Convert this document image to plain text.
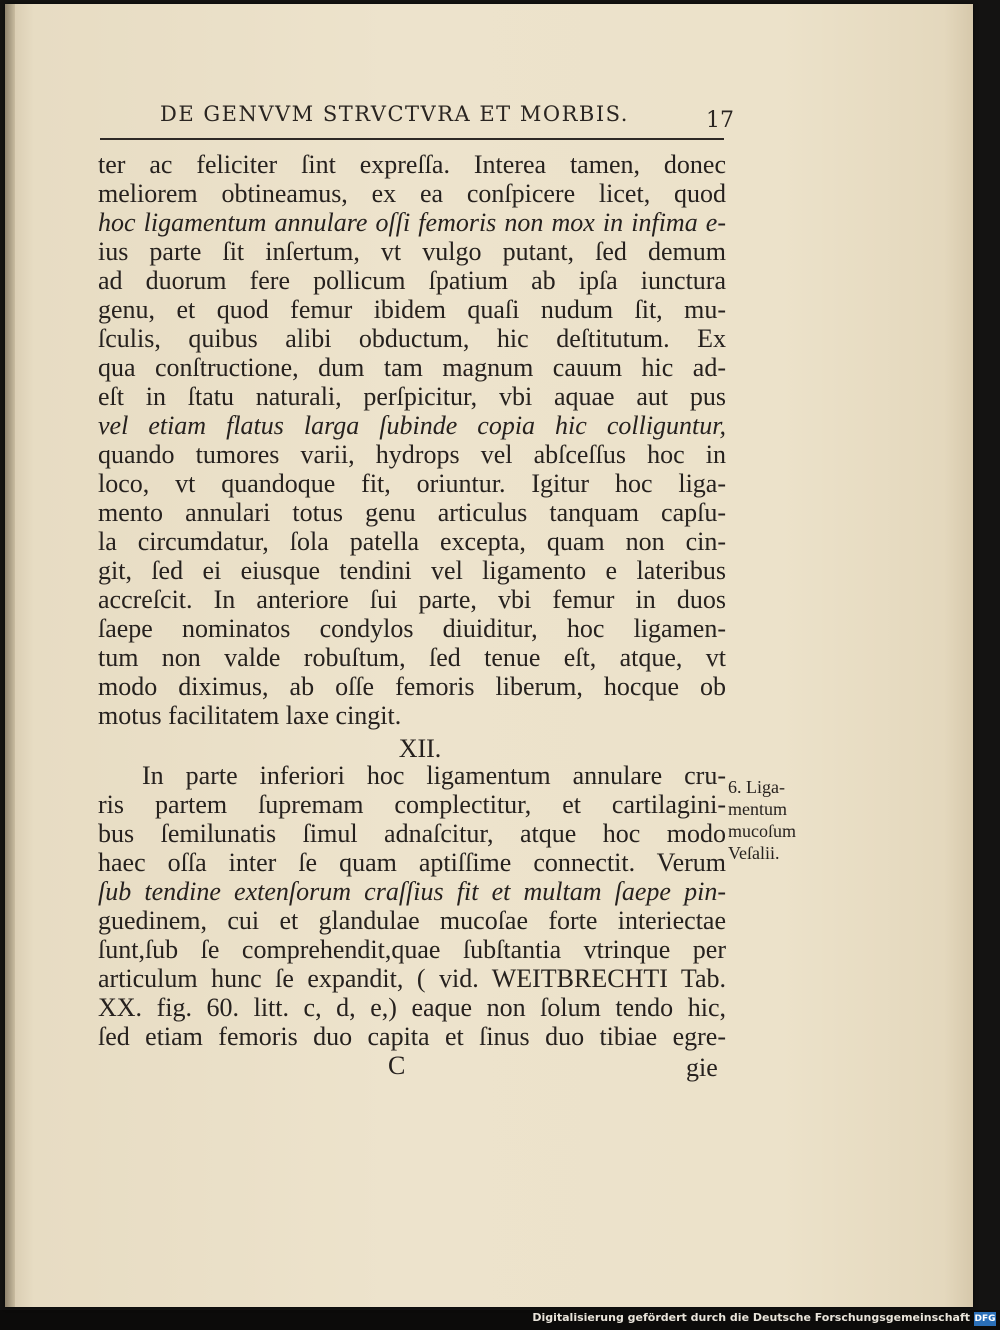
DE GENVVM STRVCTVRA ET MORBIS.	17
ter ac feliciter ſint expreſſa. Interea tamen, donec
meliorem obtineamus, ex ea conſpicere licet, quod
hoc ligamentum annulare oſſi femoris non mox in infima e-
ius parte ſit inſertum, vt vulgo putant, ſed demum
ad duorum fere pollicum ſpatium ab ipſa iunctura
genu, et quod femur ibidem quaſi nudum ſit, mu-
ſculis, quibus alibi obductum, hic deſtitutum. Ex
qua conſtructione, dum tam magnum cauum hic ad-
eſt in ſtatu naturali, perſpicitur, vbi aquae aut pus
vel etiam flatus larga ſubinde copia hic colliguntur,
quando tumores varii, hydrops vel abſceſſus hoc in
loco, vt quandoque fit, oriuntur. Igitur hoc liga-
mento annulari totus genu articulus tanquam capſu-
la circumdatur, ſola patella excepta, quam non cin-
git, ſed ei eiusque tendini vel ligamento e lateribus
accreſcit. In anteriore ſui parte, vbi femur in duos
ſaepe nominatos condylos diuiditur, hoc ligamen-
tum non valde robuſtum, ſed tenue eſt, atque, vt
modo diximus, ab oſſe femoris liberum, hocque ob
motus facilitatem laxe cingit.
XII.
In parte inferiori hoc ligamentum annulare cru-
ris partem ſupremam complectitur, et cartilagini-
bus ſemilunatis ſimul adnaſcitur, atque hoc modo
haec oſſa inter ſe quam aptiſſime connectit. Verum
ſub tendine extenſorum craſſius fit et multam ſaepe pin-
guedinem, cui et glandulae mucoſae forte interiectae
ſunt,ſub ſe comprehendit,quae ſubſtantia vtrinque per
articulum hunc ſe expandit, ( vid. WEITBRECHTI Tab.
XX. fig. 60. litt. c, d, e,) eaque non ſolum tendo hic,
ſed etiam femoris duo capita et ſinus duo tibiae egre-
6. Liga-
mentum
mucoſum
Veſalii.
C	gie
Digitalisierung gefördert durch die Deutsche Forschungsgemeinschaft DFG
